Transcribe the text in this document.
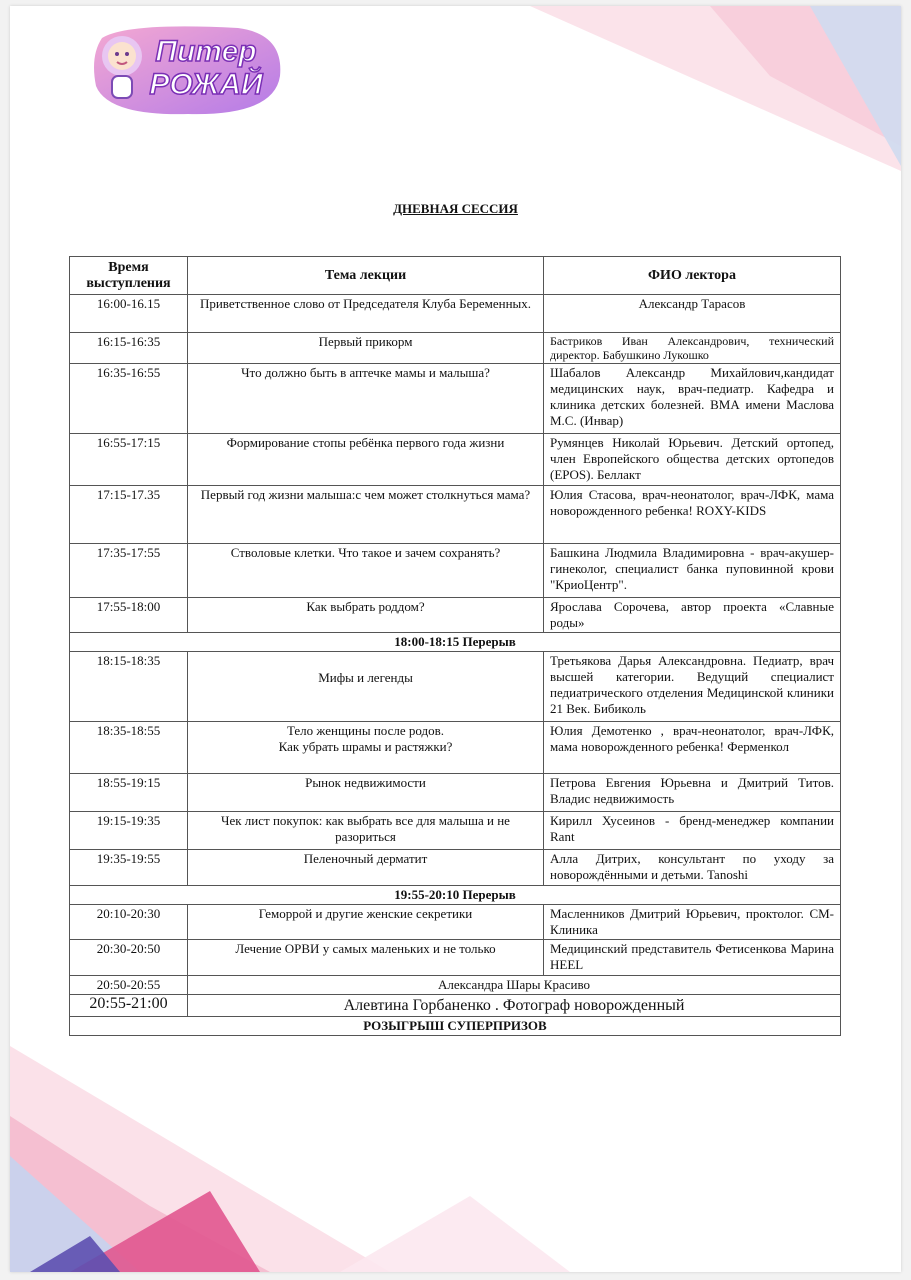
Питер
РОЖАЙ
ДНЕВНАЯ СЕССИЯ
Время выступления	Тема лекции	ФИО лектора
16:00-16.15	Приветственное слово от Председателя Клуба Беременных.	Александр Тарасов
16:15-16:35	Первый прикорм	Бастриков Иван Александрович, технический директор. Бабушкино Лукошко
16:35-16:55	Что должно быть в аптечке мамы и малыша?	Шабалов Александр Михайлович,кандидат медицинских наук, врач-педиатр. Кафедра и клиника детских болезней. ВМА имени Маслова М.С. (Инвар)
16:55-17:15	Формирование стопы ребёнка первого года жизни	Румянцев Николай Юрьевич. Детский ортопед, член Европейского общества детских ортопедов (EPOS). Беллакт
17:15-17.35	Первый год жизни малыша:с чем может столкнуться мама?	Юлия Стасова, врач-неонатолог, врач-ЛФК, мама новорожденного ребенка! ROXY-KIDS
17:35-17:55	Стволовые клетки. Что такое и зачем сохранять?	Башкина Людмила Владимировна - врач-акушер-гинеколог, специалист банка пуповинной крови "КриоЦентр".
17:55-18:00	Как выбрать роддом?	Ярослава Сорочева, автор проекта «Славные роды»
18:00-18:15 Перерыв		
18:15-18:35	Мифы и легенды	Третьякова Дарья Александровна. Педиатр, врач высшей категории. Ведущий специалист педиатрического отделения Медицинской клиники 21 Век. Бибиколь
18:35-18:55	Тело женщины после родов.
Как убрать шрамы и растяжки?	Юлия Демотенко , врач-неонатолог, врач-ЛФК, мама новорожденного ребенка! Ферменкол
18:55-19:15	Рынок недвижимости	Петрова Евгения Юрьевна и Дмитрий Титов. Владис недвижимость
19:15-19:35	Чек лист покупок: как выбрать все для малыша и не разориться	Кирилл Хусеинов - бренд-менеджер компании Rant
19:35-19:55	Пеленочный дерматит	Алла Дитрих, консультант по уходу за новорождёнными и детьми. Tanoshi
19:55-20:10 Перерыв		
20:10-20:30	Геморрой и другие женские секретики	Масленников Дмитрий Юрьевич, проктолог. СМ-Клиника
20:30-20:50	Лечение ОРВИ у самых маленьких и не только	Медицинский представитель Фетисенкова Марина HEEL
20:50-20:55	Александра Шары Красиво	
20:55-21:00	Алевтина Горбаненко . Фотограф новорожденный	
РОЗЫГРЫШ СУПЕРПРИЗОВ		
